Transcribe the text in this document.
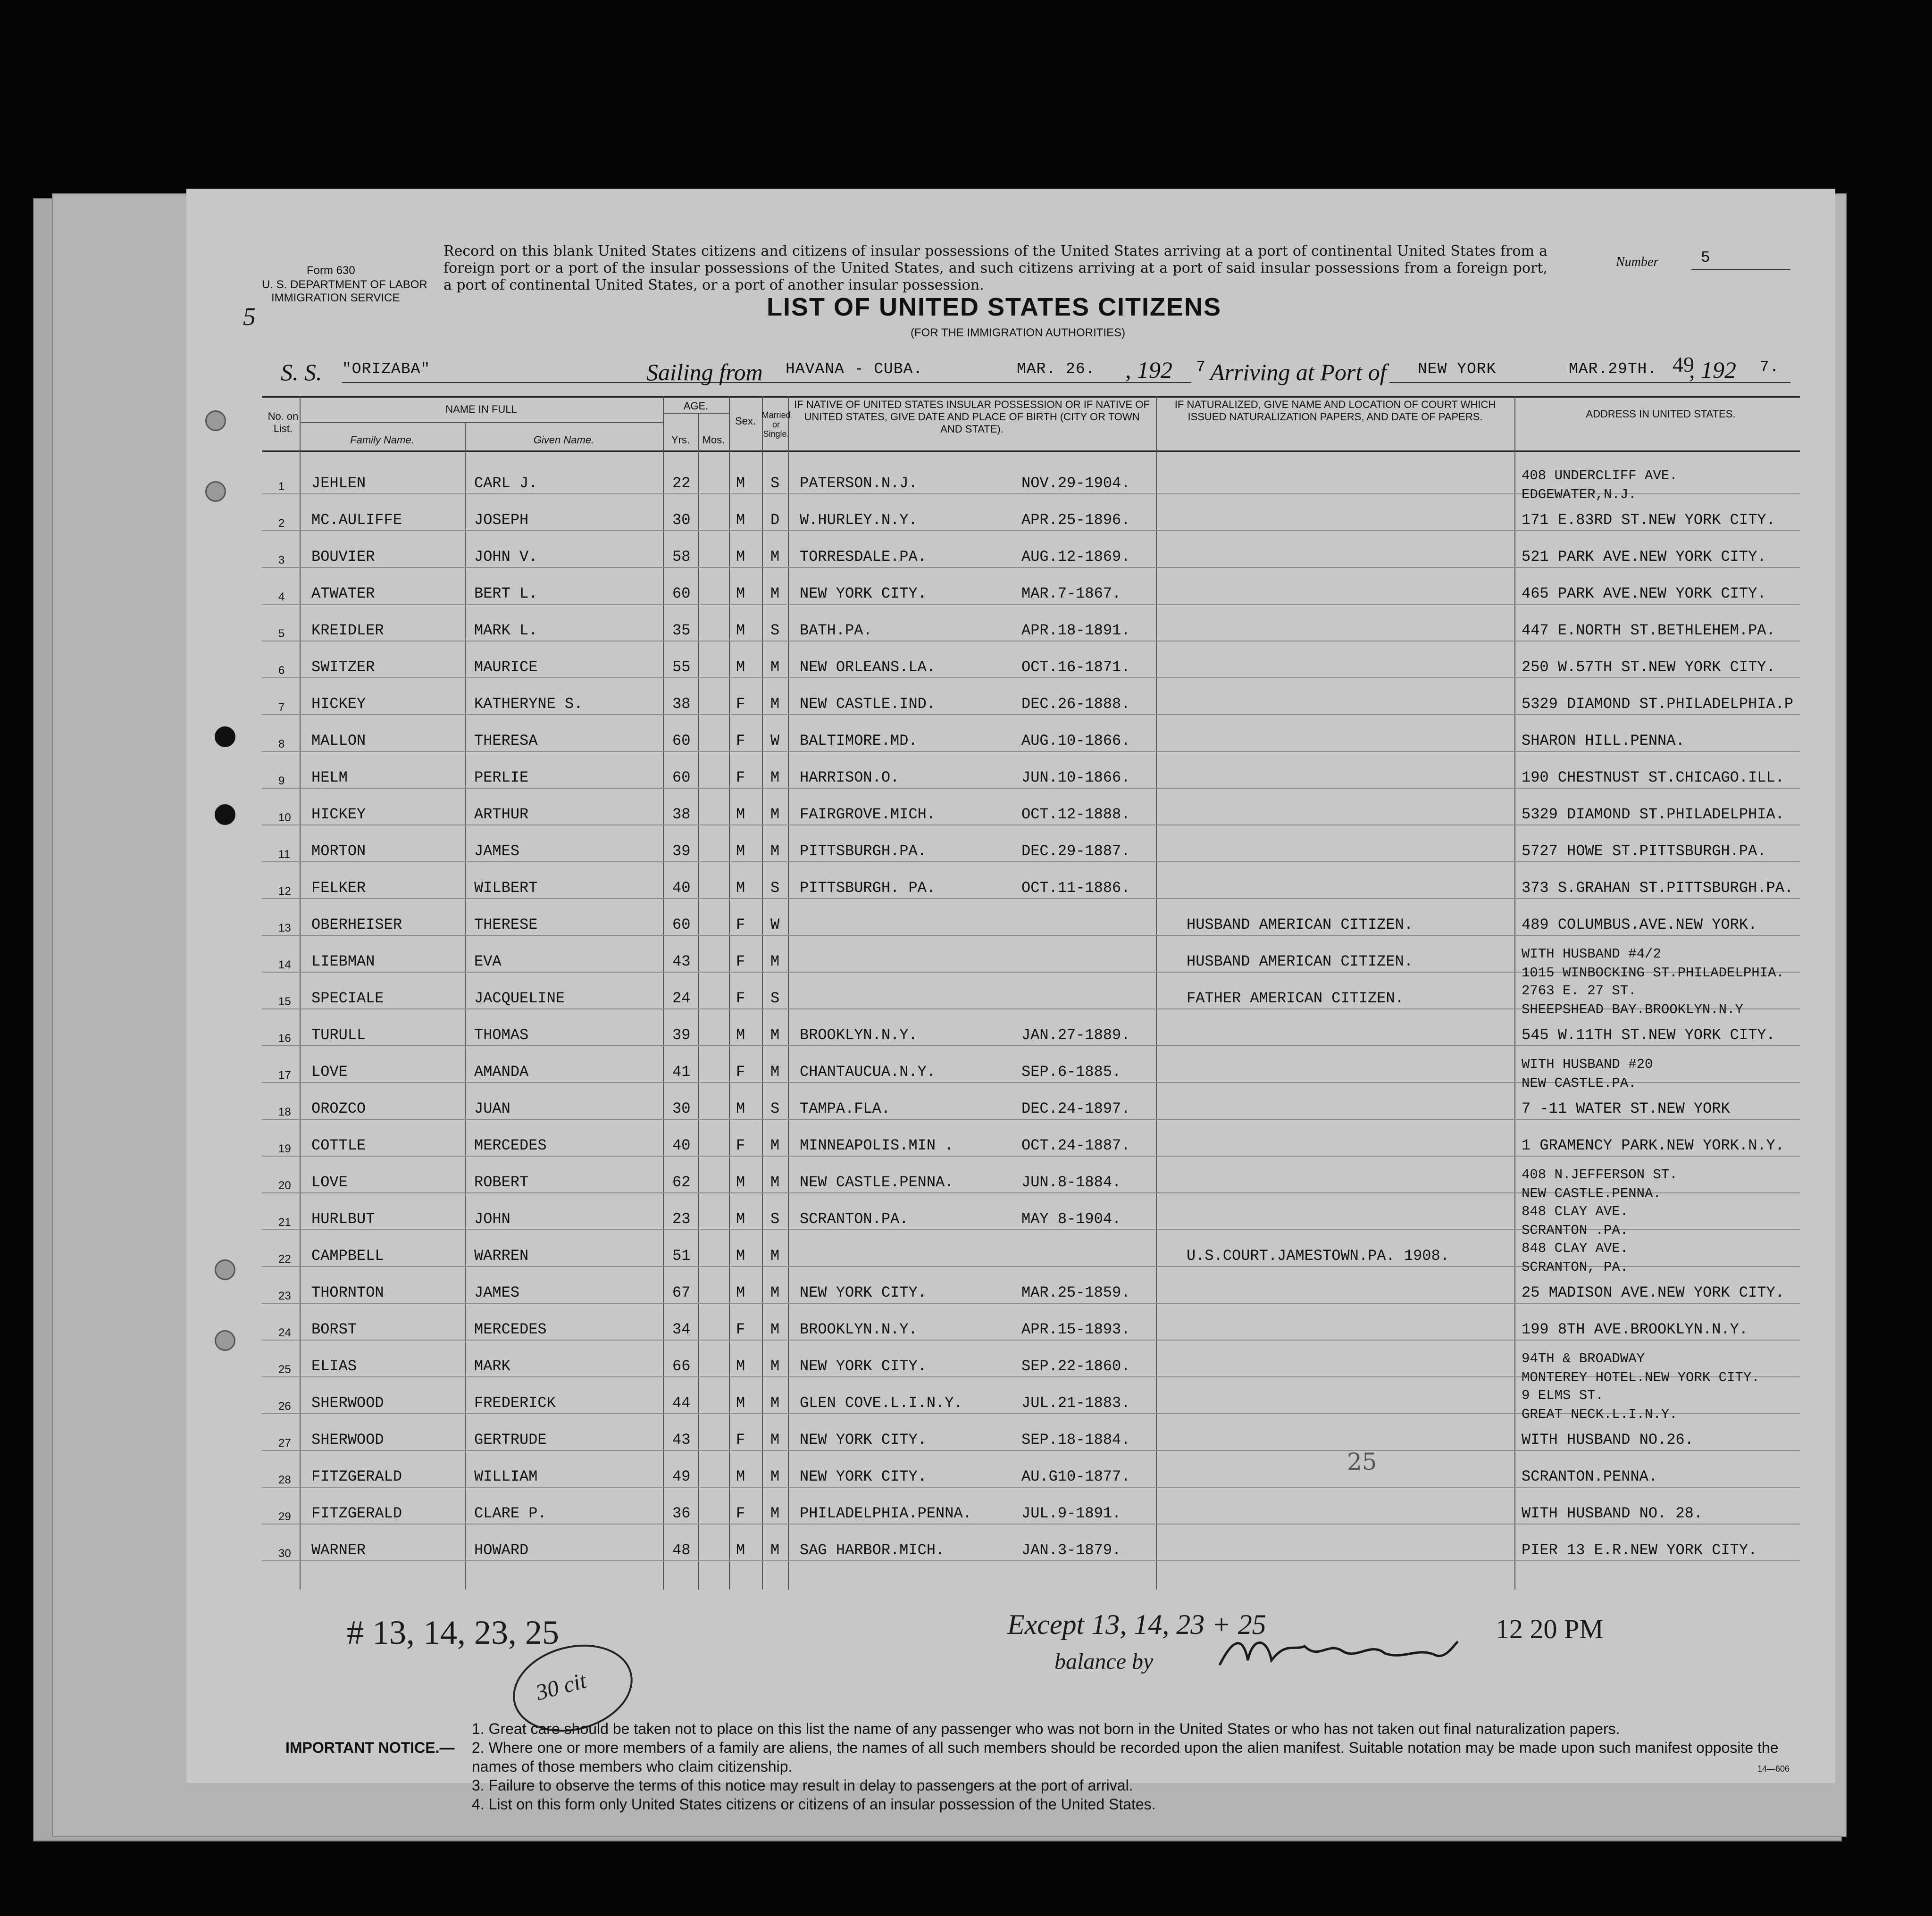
Form 630
U. S. DEPARTMENT OF LABOR
IMMIGRATION SERVICE
5
Record on this blank United States citizens and citizens of insular possessions of the United States arriving at a port of continental United States from a foreign port or a port of the insular possessions of the United States, and such citizens arriving at a port of said insular possessions from a foreign port, a port of continental United States, or a port of another insular possession.
Number	5
LIST OF UNITED STATES CITIZENS
(FOR THE IMMIGRATION AUTHORITIES)
S. S. "ORIZABA"	Sailing from HAVANA - CUBA.	MAR. 26. , 192 7 Arriving at Port of NEW YORK	MAR.29TH. 49
, 192 7.
No. on List.
NAME IN FULL
Family Name.	Given Name.
AGE.
Yrs.	Mos.
Sex. Married or Single.
IF NATIVE OF UNITED STATES INSULAR POSSESSION OR IF NATIVE OF UNITED STATES, GIVE DATE AND PLACE OF BIRTH (CITY OR TOWN AND STATE).
IF NATURALIZED, GIVE NAME AND LOCATION OF COURT WHICH ISSUED NATURALIZATION PAPERS, AND DATE OF PAPERS.	ADDRESS IN UNITED STATES.
1 JEHLEN	CARL J.	22	M S PATERSON.N.J.	NOV.29-1904.	408 UNDERCLIFF AVE.
EDGEWATER,N.J.
2 MC.AULIFFE	JOSEPH	30	M D W.HURLEY.N.Y.	APR.25-1896.	171 E.83RD ST.NEW YORK CITY.
3 BOUVIER	JOHN V.	58	M M TORRESDALE.PA.	AUG.12-1869.	521 PARK AVE.NEW YORK CITY.
4 ATWATER	BERT L.	60	M M NEW YORK CITY.	MAR.7-1867.	465 PARK AVE.NEW YORK CITY.
5 KREIDLER	MARK L.	35	M S BATH.PA.	APR.18-1891.	447 E.NORTH ST.BETHLEHEM.PA.
6 SWITZER	MAURICE	55	M M NEW ORLEANS.LA.	OCT.16-1871.	250 W.57TH ST.NEW YORK CITY.
7 HICKEY	KATHERYNE S.	38	F M NEW CASTLE.IND.	DEC.26-1888.	5329 DIAMOND ST.PHILADELPHIA.P
8 MALLON	THERESA	60	F W BALTIMORE.MD.	AUG.10-1866.	SHARON HILL.PENNA.
9 HELM	PERLIE	60	F M HARRISON.O.	JUN.10-1866.	190 CHESTNUST ST.CHICAGO.ILL.
10 HICKEY	ARTHUR	38	M M FAIRGROVE.MICH.	OCT.12-1888.	5329 DIAMOND ST.PHILADELPHIA.
11 MORTON	JAMES	39	M M PITTSBURGH.PA.	DEC.29-1887.	5727 HOWE ST.PITTSBURGH.PA.
12 FELKER	WILBERT	40	M S PITTSBURGH. PA.	OCT.11-1886.	373 S.GRAHAN ST.PITTSBURGH.PA.
13 OBERHEISER	THERESE	60	F W	HUSBAND AMERICAN CITIZEN.	489 COLUMBUS.AVE.NEW YORK.
14 LIEBMAN	EVA	43	F M	HUSBAND AMERICAN CITIZEN.	WITH HUSBAND #4/2
1015 WINBOCKING ST.PHILADELPHIA.
15 SPECIALE	JACQUELINE	24	F S	FATHER AMERICAN CITIZEN.	2763 E. 27 ST.
SHEEPSHEAD BAY.BROOKLYN.N.Y
16 TURULL	THOMAS	39	M M BROOKLYN.N.Y.	JAN.27-1889.	545 W.11TH ST.NEW YORK CITY.
17 LOVE	AMANDA	41	F M CHANTAUCUA.N.Y.	SEP.6-1885.	WITH HUSBAND #20
NEW CASTLE.PA.
18 OROZCO	JUAN	30	M S TAMPA.FLA.	DEC.24-1897.	7 -11 WATER ST.NEW YORK
19 COTTLE	MERCEDES	40	F M MINNEAPOLIS.MIN .	OCT.24-1887.	1 GRAMENCY PARK.NEW YORK.N.Y.
20 LOVE	ROBERT	62	M M NEW CASTLE.PENNA.	JUN.8-1884.	408 N.JEFFERSON ST.
NEW CASTLE.PENNA.
21 HURLBUT	JOHN	23	M S SCRANTON.PA.	MAY 8-1904.	848 CLAY AVE.
SCRANTON .PA.
22 CAMPBELL	WARREN	51	M M	U.S.COURT.JAMESTOWN.PA. 1908.	848 CLAY AVE.
SCRANTON, PA.
23 THORNTON	JAMES	67	M M NEW YORK CITY.	MAR.25-1859.	25 MADISON AVE.NEW YORK CITY.
24 BORST	MERCEDES	34	F M BROOKLYN.N.Y.	APR.15-1893.	199 8TH AVE.BROOKLYN.N.Y.
25 ELIAS	MARK	66	M M NEW YORK CITY.	SEP.22-1860.	94TH & BROADWAY
MONTEREY HOTEL.NEW YORK CITY.
26 SHERWOOD	FREDERICK	44	M M GLEN COVE.L.I.N.Y.	JUL.21-1883.	9 ELMS ST.
GREAT NECK.L.I.N.Y.
27 SHERWOOD	GERTRUDE	43	F M NEW YORK CITY.	SEP.18-1884.	WITH HUSBAND NO.26.
28 FITZGERALD	WILLIAM	49	M M NEW YORK CITY.	AU.G10-1877.	SCRANTON.PENNA.
29 FITZGERALD	CLARE P.	36	F M PHILADELPHIA.PENNA.	JUL.9-1891.	WITH HUSBAND NO. 28.
30 WARNER	HOWARD	48	M M SAG HARBOR.MICH.	JAN.3-1879.	PIER 13 E.R.NEW YORK CITY.
25
# 13, 14, 23, 25	Except 13, 14, 23 + 25
balance by
12 20 PM
30 cit
IMPORTANT NOTICE.—
1. Great care should be taken not to place on this list the name of any passenger who was not born in the United States or who has not taken out final naturalization papers.
2. Where one or more members of a family are aliens, the names of all such members should be recorded upon the alien manifest. Suitable notation may be made upon such manifest opposite the names of those members who claim citizenship.
3. Failure to observe the terms of this notice may result in delay to passengers at the port of arrival.
4. List on this form only United States citizens or citizens of an insular possession of the United States.
14—606
